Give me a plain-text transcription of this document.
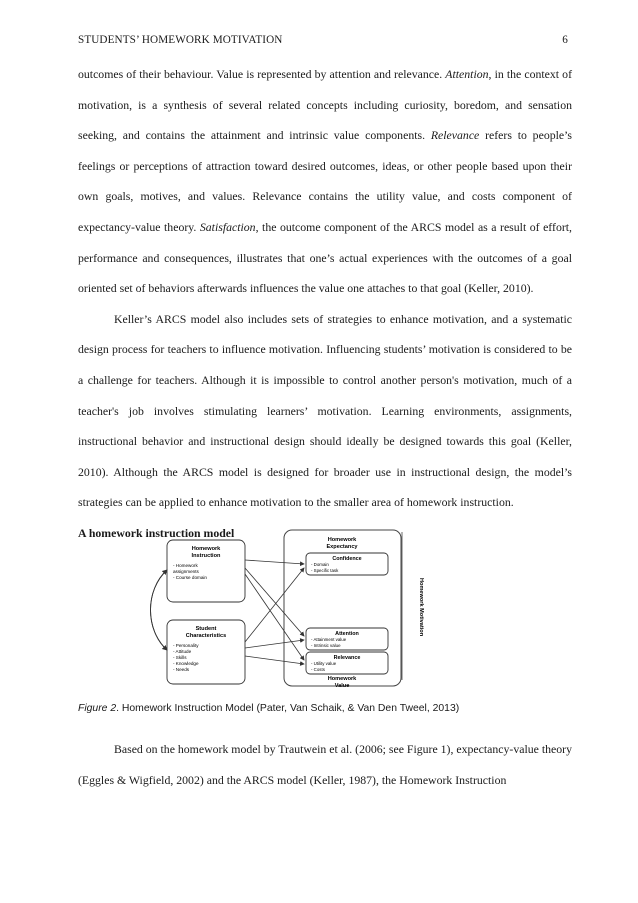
STUDENTS’ HOMEWORK MOTIVATION	6

outcomes of their behaviour. Value is represented by attention and relevance. Attention, in the context of motivation, is a synthesis of several related concepts including curiosity, boredom, and sensation seeking, and contains the attainment and intrinsic value components. Relevance refers to people’s feelings or perceptions of attraction toward desired outcomes, ideas, or other people based upon their own goals, motives, and values. Relevance contains the utility value, and costs component of expectancy-value theory. Satisfaction, the outcome component of the ARCS model as a result of effort, performance and consequences, illustrates that one’s actual experiences with the outcomes of a goal oriented set of behaviors afterwards influences the value one attaches to that goal (Keller, 2010).

Keller’s ARCS model also includes sets of strategies to enhance motivation, and a systematic design process for teachers to influence motivation. Influencing students’ motivation is considered to be a challenge for teachers. Although it is impossible to control another person's motivation, much of a teacher's job involves stimulating learners’ motivation. Learning environments, assignments, instructional behavior and instructional design should ideally be designed towards this goal (Keller, 2010). Although the ARCS model is designed for broader use in instructional design, the model’s strategies can be applied to enhance motivation to the smaller area of homework instruction.

A homework instruction model

Homework
Instruction
- Homework
assignments
- Course domain
Student
Characteristics
- Personality
- Attitude
- Skills
- Knowledge
- Needs
Homework
Expectancy
Confidence
- Domain
- Specific task
Attention
- Attainment value
- Intrinsic value
Relevance
- Utility value
- Costs
Homework
Value
Homework Motivation
Figure 2. Homework Instruction Model (Pater, Van Schaik, & Van Den Tweel, 2013)

Based on the homework model by Trautwein et al. (2006; see Figure 1), expectancy-value theory (Eggles & Wigfield, 2002) and the ARCS model (Keller, 1987), the Homework Instruction
